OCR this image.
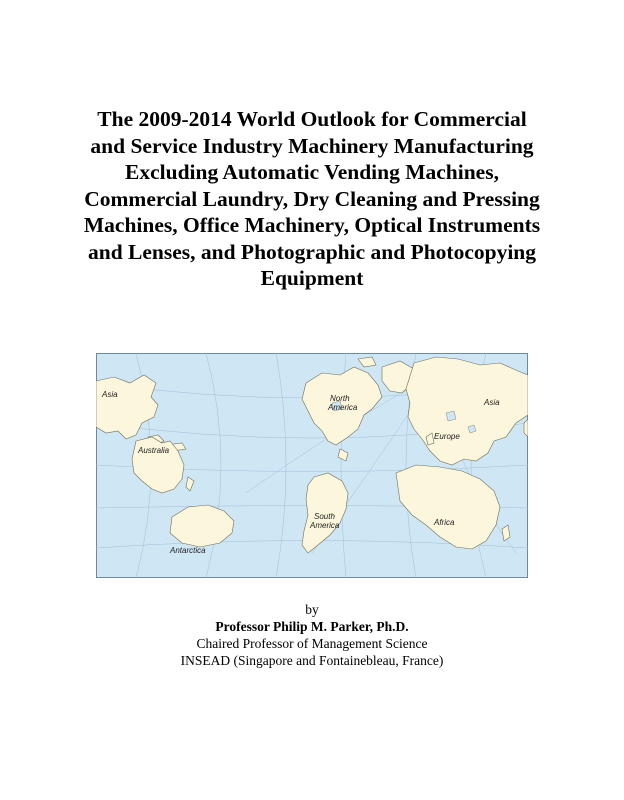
The 2009-2014 World Outlook for Commercial
and Service Industry Machinery Manufacturing
Excluding Automatic Vending Machines,
Commercial Laundry, Dry Cleaning and Pressing
Machines, Office Machinery, Optical Instruments
and Lenses, and Photographic and Photocopying
Equipment
Asia	North
America
Asia
Europe
Australia
South
America	Africa
Antarctica
by
Professor Philip M. Parker, Ph.D.
Chaired Professor of Management Science
INSEAD (Singapore and Fontainebleau, France)
